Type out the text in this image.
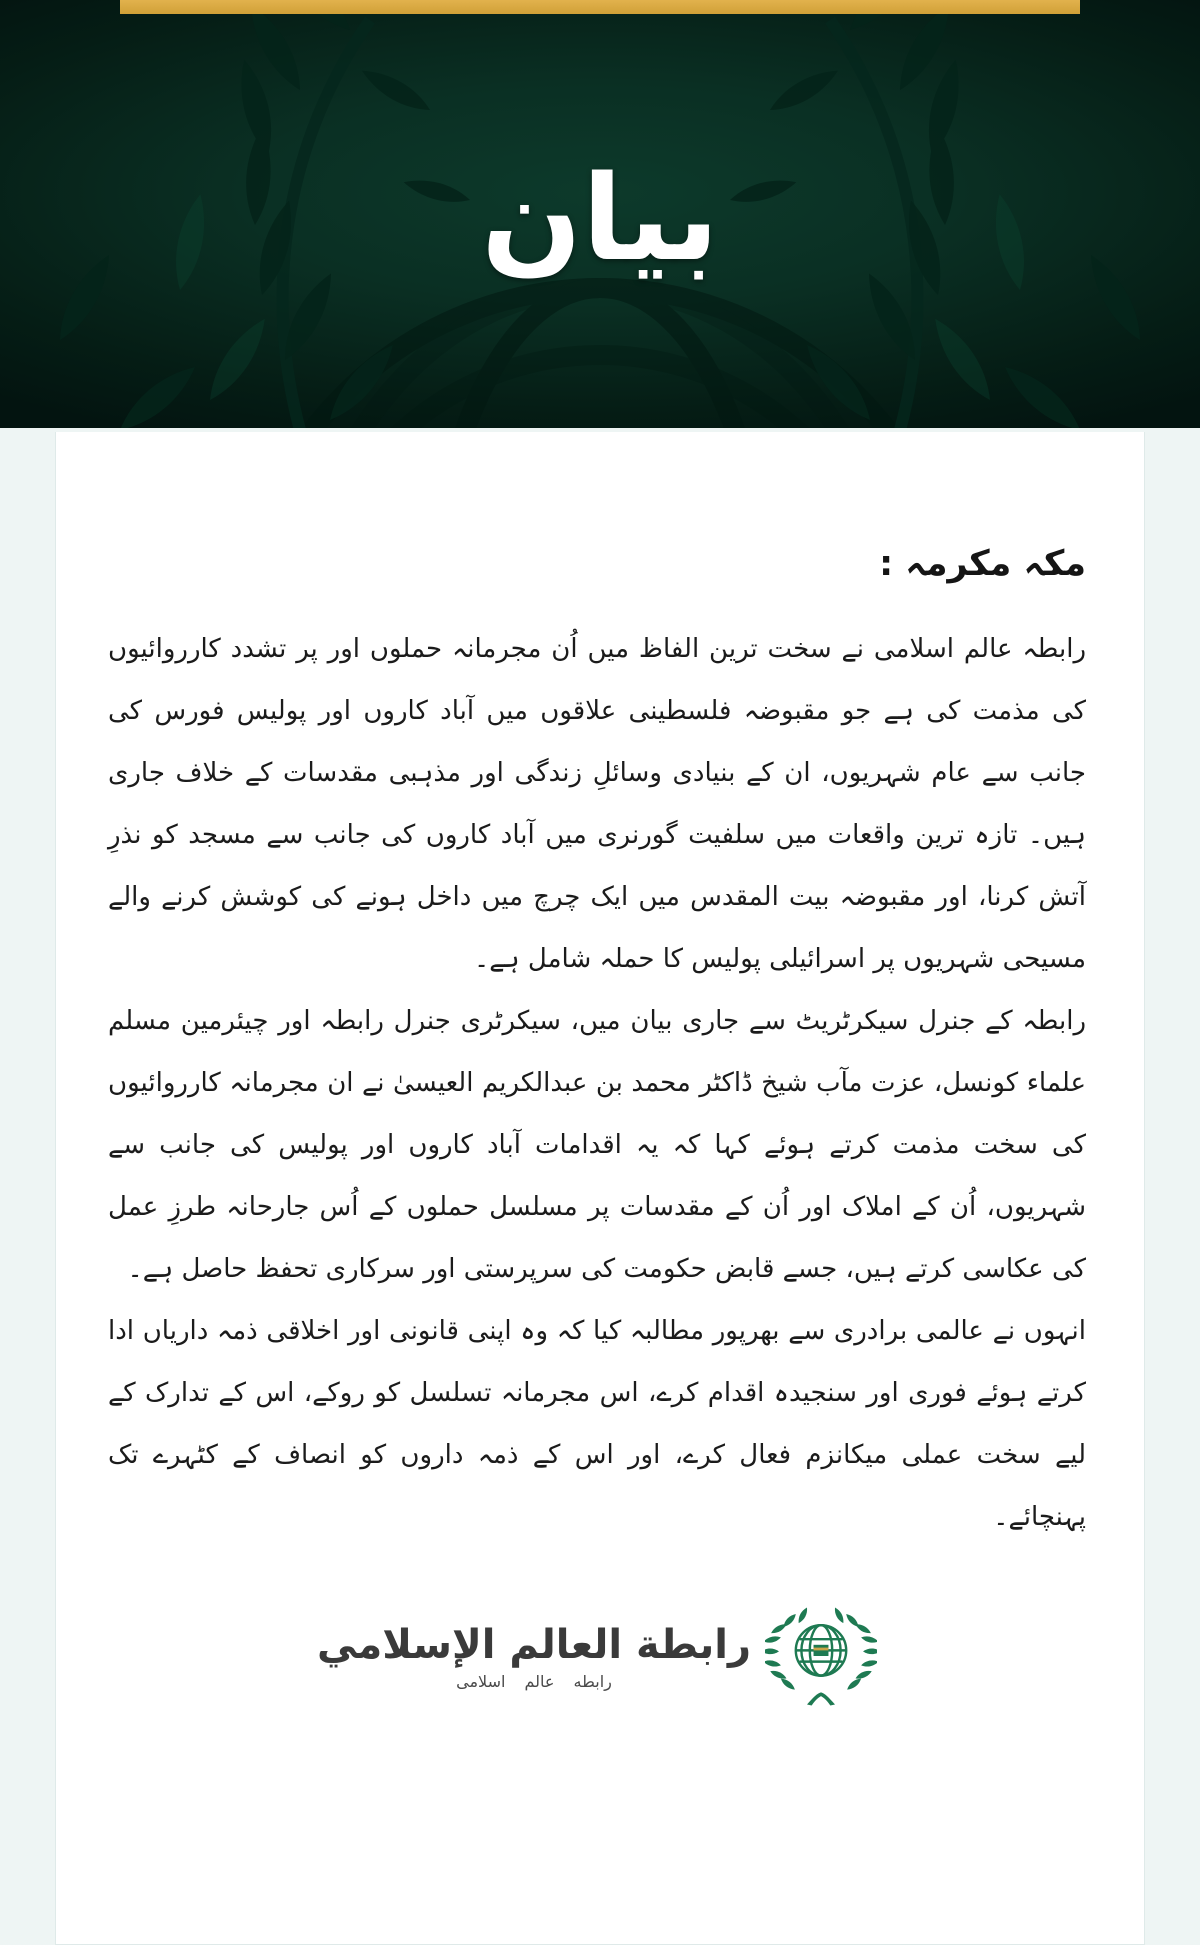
بیان
مکہ مکرمہ :

رابطہ عالم اسلامی نے سخت ترین الفاظ میں اُن مجرمانہ حملوں اور پر تشدد کارروائیوں کی مذمت کی ہے جو مقبوضہ فلسطینی علاقوں میں آباد کاروں اور پولیس فورس کی جانب سے عام شہریوں، ان کے بنیادی وسائلِ زندگی اور مذہبی مقدسات کے خلاف جاری ہیں۔ تازہ ترین واقعات میں سلفیت گورنری میں آباد کاروں کی جانب سے مسجد کو نذرِ آتش کرنا، اور مقبوضہ بیت المقدس میں ایک چرچ میں داخل ہونے کی کوشش کرنے والے مسیحی شہریوں پر اسرائیلی پولیس کا حملہ شامل ہے۔

رابطہ کے جنرل سیکرٹریٹ سے جاری بیان میں، سیکرٹری جنرل رابطہ اور چیئرمین مسلم علماء کونسل، عزت مآب شیخ ڈاکٹر محمد بن عبدالکریم العیسیٰ نے ان مجرمانہ کارروائیوں کی سخت مذمت کرتے ہوئے کہا کہ یہ اقدامات آباد کاروں اور پولیس کی جانب سے شہریوں، اُن کے املاک اور اُن کے مقدسات پر مسلسل حملوں کے اُس جارحانہ طرزِ عمل کی عکاسی کرتے ہیں، جسے قابض حکومت کی سرپرستی اور سرکاری تحفظ حاصل ہے۔

انہوں نے عالمی برادری سے بھرپور مطالبہ کیا کہ وہ اپنی قانونی اور اخلاقی ذمہ داریاں ادا کرتے ہوئے فوری اور سنجیدہ اقدام کرے، اس مجرمانہ تسلسل کو روکے، اس کے تدارک کے لیے سخت عملی میکانزم فعال کرے، اور اس کے ذمہ داروں کو انصاف کے کٹہرے تک پہنچائے۔

رابطة العالم الإسلامي
رابطه عالم اسلامی
